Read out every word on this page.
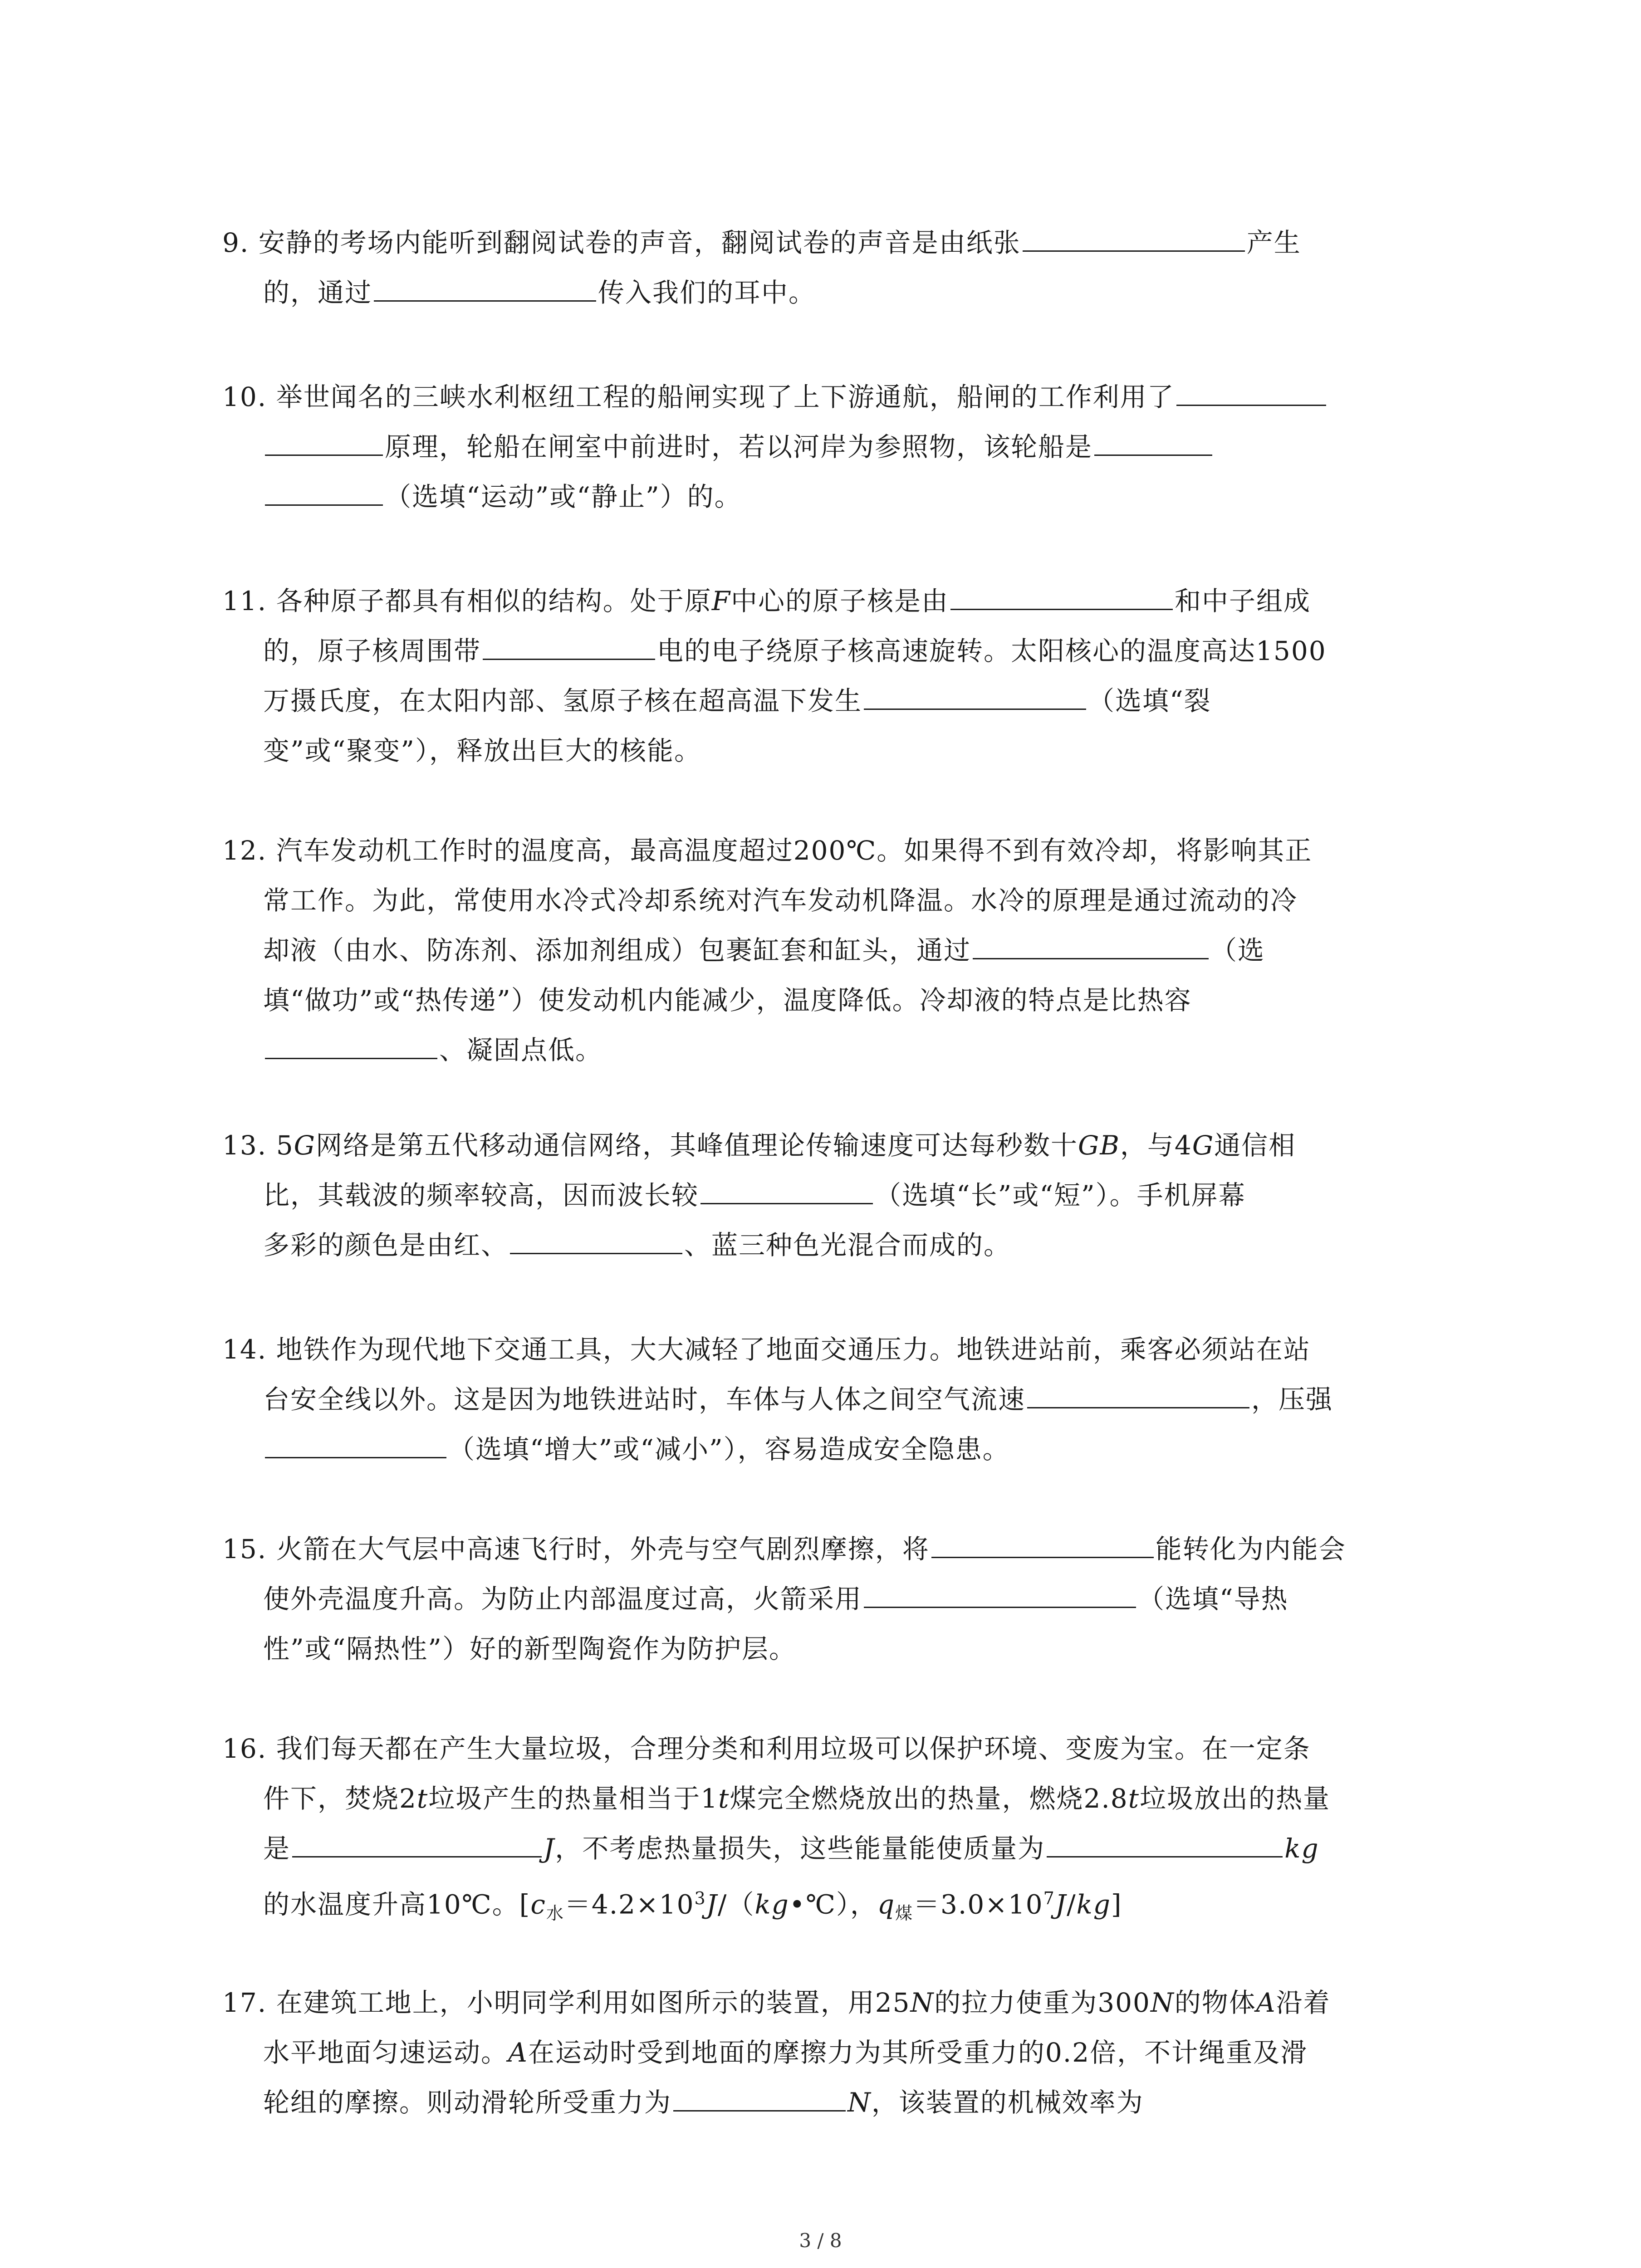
9. 安静的考场内能听到翻阅试卷的声音，翻阅试卷的声音是由纸张	产生
的，通过	传入我们的耳中。
10. 举世闻名的三峡水利枢纽工程的船闸实现了上下游通航，船闸的工作利用了
原理，轮船在闸室中前进时，若以河岸为参照物，该轮船是
（选填“运动”或“静止”）的。
11. 各种原子都具有相似的结构。处于原F中心的原子核是由	和中子组成
的，原子核周围带	电的电子绕原子核高速旋转。太阳核心的温度高达1500
万摄氏度，在太阳内部、氢原子核在超高温下发生	（选填“裂
变”或“聚变”），释放出巨大的核能。
12. 汽车发动机工作时的温度高，最高温度超过200℃。如果得不到有效冷却，将影响其正
常工作。为此，常使用水冷式冷却系统对汽车发动机降温。水冷的原理是通过流动的冷
却液（由水、防冻剂、添加剂组成）包裹缸套和缸头，通过	（选
填“做功”或“热传递”）使发动机内能减少，温度降低。冷却液的特点是比热容
、凝固点低。
13. 5G网络是第五代移动通信网络，其峰值理论传输速度可达每秒数十GB，与4G通信相
比，其载波的频率较高，因而波长较	（选填“长”或“短”）。手机屏幕
多彩的颜色是由红、	、蓝三种色光混合而成的。
14. 地铁作为现代地下交通工具，大大减轻了地面交通压力。地铁进站前，乘客必须站在站
台安全线以外。这是因为地铁进站时，车体与人体之间空气流速	，压强
（选填“增大”或“减小”），容易造成安全隐患。
15. 火箭在大气层中高速飞行时，外壳与空气剧烈摩擦，将	能转化为内能会
使外壳温度升高。为防止内部温度过高，火箭采用	（选填“导热
性”或“隔热性”）好的新型陶瓷作为防护层。
16. 我们每天都在产生大量垃圾，合理分类和利用垃圾可以保护环境、变废为宝。在一定条
件下，焚烧2t垃圾产生的热量相当于1t煤完全燃烧放出的热量，燃烧2.8t垃圾放出的热量
是	J，不考虑热量损失，这些能量能使质量为	kg
的水温度升高10℃。[$c_水=4.2\times 10^3J/(kg•℃)$，$q_煤=3.0\times 10^7J/kg$]
17. 在建筑工地上，小明同学利用如图所示的装置，用25N的拉力使重为300N的物体A沿着
水平地面匀速运动。A在运动时受到地面的摩擦力为其所受重力的0.2倍，不计绳重及滑
轮组的摩擦。则动滑轮所受重力为	N，该装置的机械效率为
3 / 8
